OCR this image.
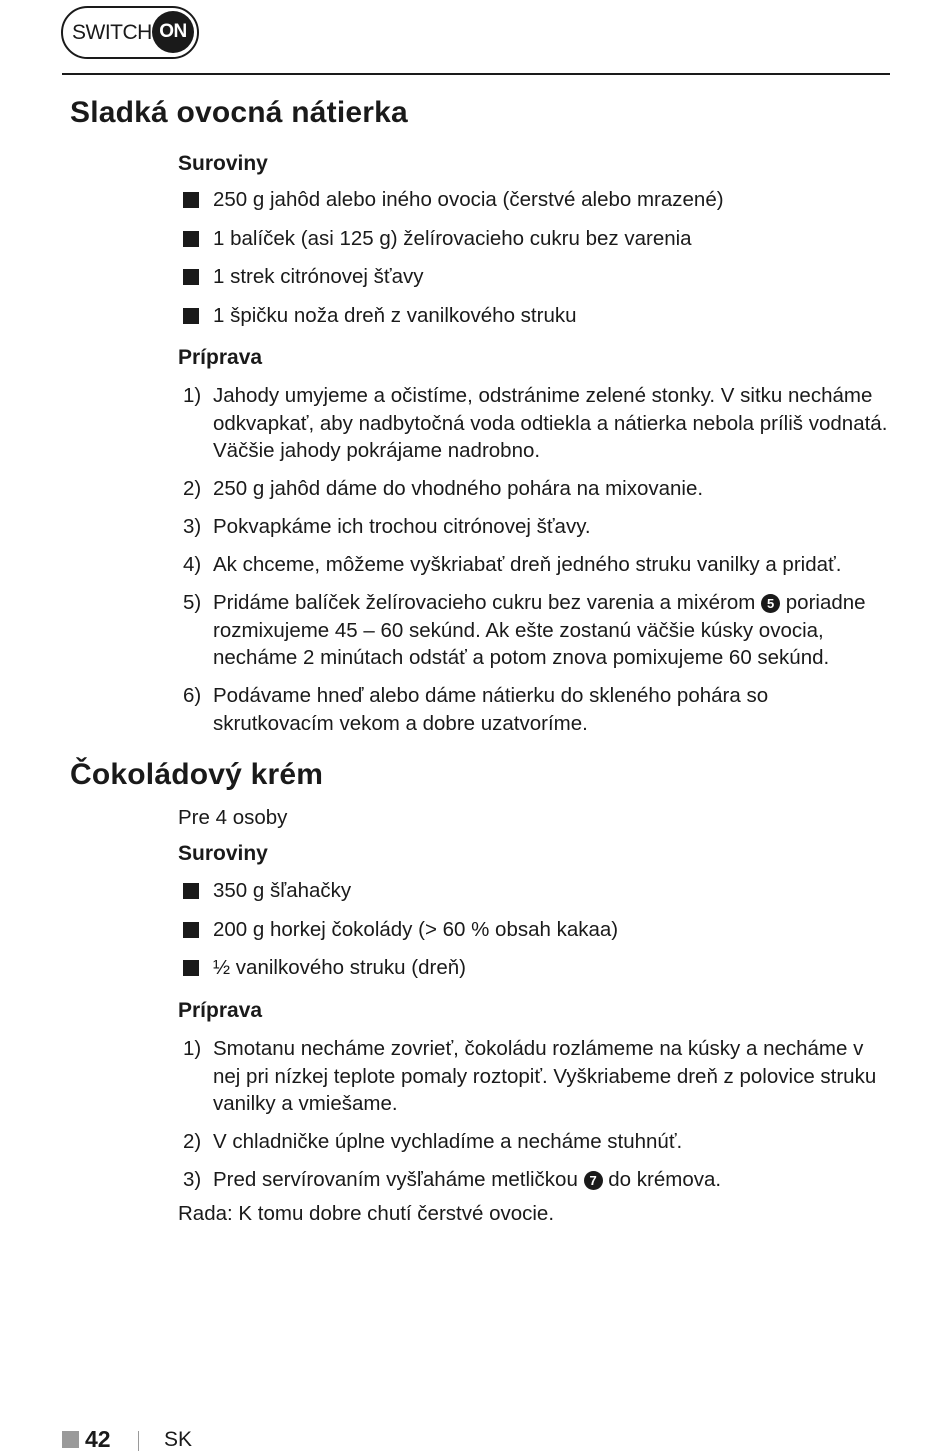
SWITCH ON
Sladká ovocná nátierka

Suroviny

250 g jahôd alebo iného ovocia (čerstvé alebo mrazené)
1 balíček (asi 125 g) želírovacieho cukru bez varenia
1 strek citrónovej šťavy
1 špičku noža dreň z vanilkového struku

Príprava

1) Jahody umyjeme a očistíme, odstránime zelené stonky. V sitku necháme odkvapkať, aby nadbytočná voda odtiekla a nátierka nebola príliš vodnatá. Väčšie jahody pokrájame nadrobno.
2) 250 g jahôd dáme do vhodného pohára na mixovanie.
3) Pokvapkáme ich trochou citrónovej šťavy.
4) Ak chceme, môžeme vyškriabať dreň jedného struku vanilky a pridať.
5) Pridáme balíček želírovacieho cukru bez varenia a mixérom 5 poriadne rozmixujeme 45 – 60 sekúnd. Ak ešte zostanú väčšie kúsky ovocia, necháme 2 minútach odstáť a potom znova pomixujeme 60 sekúnd.
6) Podávame hneď alebo dáme nátierku do skleného pohára so skrutkovacím vekom a dobre uzatvoríme.
Čokoládový krém

Pre 4 osoby

Suroviny

350 g šľahačky
200 g horkej čokolády (> 60 % obsah kakaa)
½ vanilkového struku (dreň)

Príprava

1) Smotanu necháme zovrieť, čokoládu rozlámeme na kúsky a necháme v nej pri nízkej teplote pomaly roztopiť. Vyškriabeme dreň z polovice struku vanilky a vmiešame.
2) V chladničke úplne vychladíme a necháme stuhnúť.
3) Pred servírovaním vyšľaháme metličkou 7 do krémova.

Rada: K tomu dobre chutí čerstvé ovocie.

42	SK
